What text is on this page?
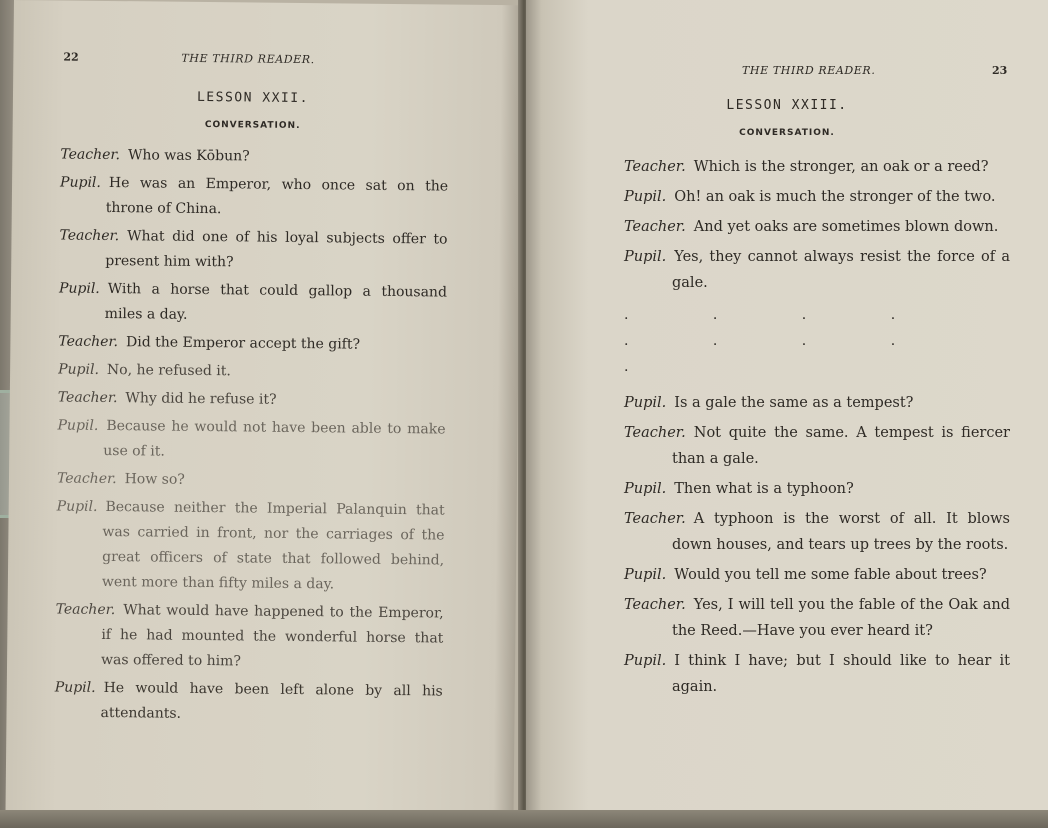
22	THE THIRD READER.
LESSON XXII.
CONVERSATION.
Teacher. Who was Kōbun?
Pupil. He was an Emperor, who once sat on the throne of China.
Teacher. What did one of his loyal subjects offer to present him with?
Pupil. With a horse that could gallop a thousand miles a day.
Teacher. Did the Emperor accept the gift?
Pupil. No, he refused it.
Teacher. Why did he refuse it?
Pupil. Because he would not have been able to make use of it.
Teacher. How so?
Pupil. Because neither the Imperial Palanquin that was carried in front, nor the carriages of the great officers of state that followed behind, went more than fifty miles a day.
Teacher. What would have happened to the Emperor, if he had mounted the wonderful horse that was offered to him?
Pupil. He would have been left alone by all his attendants.
THE THIRD READER.	23
LESSON XXIII.
CONVERSATION.
Teacher. Which is the stronger, an oak or a reed?
Pupil. Oh! an oak is much the stronger of the two.
Teacher. And yet oaks are sometimes blown down.
Pupil. Yes, they cannot always resist the force of a gale.
. . . . . . . . .
Pupil. Is a gale the same as a tempest?
Teacher. Not quite the same. A tempest is fiercer than a gale.
Pupil. Then what is a typhoon?
Teacher. A typhoon is the worst of all. It blows down houses, and tears up trees by the roots.
Pupil. Would you tell me some fable about trees?
Teacher. Yes, I will tell you the fable of the Oak and the Reed.—Have you ever heard it?
Pupil. I think I have; but I should like to hear it again.
